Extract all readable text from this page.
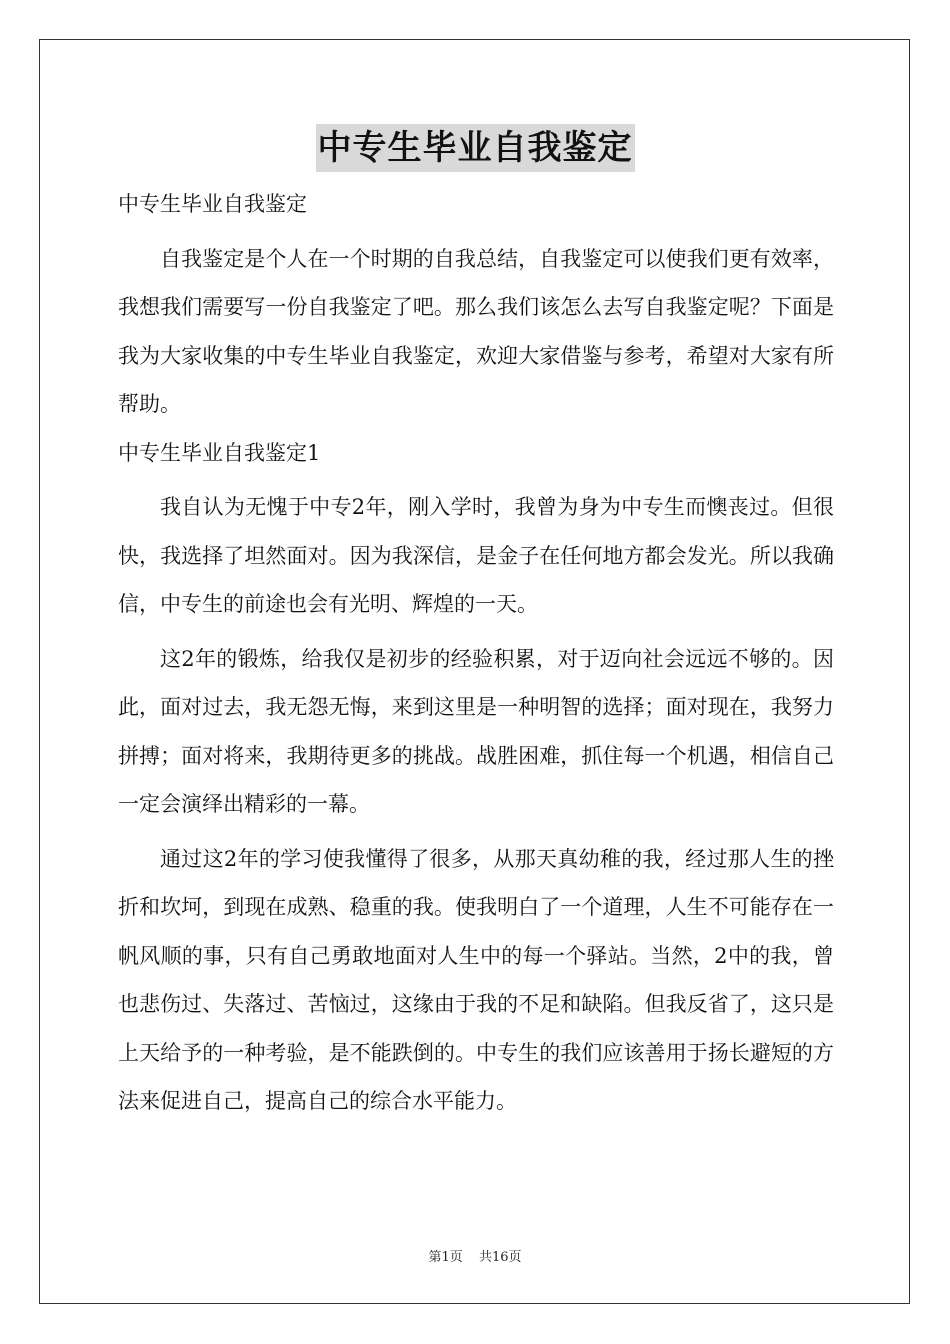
中专生毕业自我鉴定

中专生毕业自我鉴定

自我鉴定是个人在一个时期的自我总结，自我鉴定可以使我们更有效率，我想我们需要写一份自我鉴定了吧。那么我们该怎么去写自我鉴定呢？下面是我为大家收集的中专生毕业自我鉴定，欢迎大家借鉴与参考，希望对大家有所帮助。

中专生毕业自我鉴定1

我自认为无愧于中专2年，刚入学时，我曾为身为中专生而懊丧过。但很快，我选择了坦然面对。因为我深信，是金子在任何地方都会发光。所以我确信，中专生的前途也会有光明、辉煌的一天。

这2年的锻炼，给我仅是初步的经验积累，对于迈向社会远远不够的。因此，面对过去，我无怨无悔，来到这里是一种明智的选择；面对现在，我努力拼搏；面对将来，我期待更多的挑战。战胜困难，抓住每一个机遇，相信自己一定会演绎出精彩的一幕。

通过这2年的学习使我懂得了很多，从那天真幼稚的我，经过那人生的挫折和坎坷，到现在成熟、稳重的我。使我明白了一个道理，人生不可能存在一帆风顺的事，只有自己勇敢地面对人生中的每一个驿站。当然，2中的我，曾也悲伤过、失落过、苦恼过，这缘由于我的不足和缺陷。但我反省了，这只是上天给予的一种考验，是不能跌倒的。中专生的我们应该善用于扬长避短的方法来促进自己，提高自己的综合水平能力。

第1页 共16页
